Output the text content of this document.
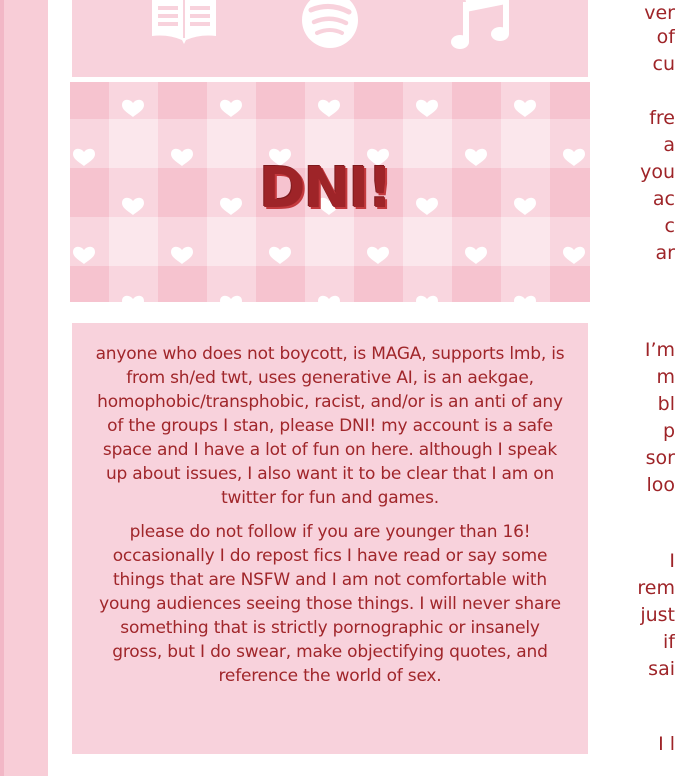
DNI!

anyone who does not boycott, is MAGA, supports lmb, is from sh/ed twt, uses generative AI, is an aekgae, homophobic/transphobic, racist, and/or is an anti of any of the groups I stan, please DNI! my account is a safe space and I have a lot of fun on here. although I speak up about issues, I also want it to be clear that I am on twitter for fun and games.

please do not follow if you are younger than 16! occasionally I do repost fics I have read or say some things that are NSFW and I am not comfortable with young audiences seeing those things. I will never share something that is strictly pornographic or insanely gross, but I do swear, make objectifying quotes, and reference the world of sex.

ver
of
cu
fre
a
you
ac
c
ar
I’m
m
bl
p
sor
loo
I
rem
just
if
sai
I l
